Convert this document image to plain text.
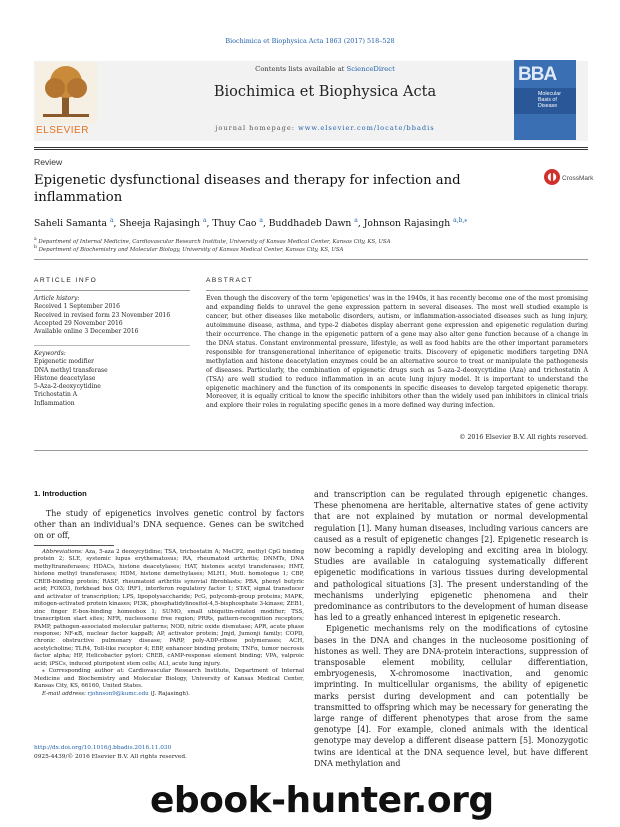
Biochimica et Biophysica Acta 1863 (2017) 518–528
ELSEVIER
Contents lists available at ScienceDirect
Biochimica et Biophysica Acta
journal homepage: www.elsevier.com/locate/bbadis
BBA
Molecular Basis of Disease
Review
Epigenetic dysfunctional diseases and therapy for infection and inflammation
CrossMark
Saheli Samanta $^a$, Sheeja Rajasingh $^a$, Thuy Cao $^a$, Buddhadeb Dawn $^a$, Johnson Rajasingh $^{a,b,⁎}$
$^a$ Department of Internal Medicine, Cardiovascular Research Institute, University of Kansas Medical Center, Kansas City, KS, USA
$^b$ Department of Biochemistry and Molecular Biology, University of Kansas Medical Center, Kansas City, KS, USA
ARTICLE INFO	ABSTRACT
Article history:
Received 1 September 2016
Received in revised form 23 November 2016
Accepted 29 November 2016
Available online 3 December 2016
Keywords:
Epigenetic modifier
DNA methyl transferase
Histone deacetylase
5-Aza-2-deoxycytidine
Trichostatin A
Inflammation
Even though the discovery of the term 'epigenetics' was in the 1940s, it has recently become one of the most promising and expanding fields to unravel the gene expression pattern in several diseases. The most well studied example is cancer, but other diseases like metabolic disorders, autism, or inflammation-associated diseases such as lung injury, autoimmune disease, asthma, and type-2 diabetes display aberrant gene expression and epigenetic regulation during their occurrence. The change in the epigenetic pattern of a gene may also alter gene function because of a change in the DNA status. Constant environmental pressure, lifestyle, as well as food habits are the other important parameters responsible for transgenerational inheritance of epigenetic traits. Discovery of epigenetic modifiers targeting DNA methylation and histone deacetylation enzymes could be an alternative source to treat or manipulate the pathogenesis of diseases. Particularly, the combination of epigenetic drugs such as 5-aza-2-deoxycytidine (Aza) and trichostatin A (TSA) are well studied to reduce inflammation in an acute lung injury model. It is important to understand the epigenetic machinery and the function of its components in specific diseases to develop targeted epigenetic therapy. Moreover, it is equally critical to know the specific inhibitors other than the widely used pan inhibitors in clinical trials and explore their roles in regulating specific genes in a more defined way during infection.
© 2016 Elsevier B.V. All rights reserved.
1. Introduction

The study of epigenetics involves genetic control by factors other than an individual's DNA sequence. Genes can be switched on or off,

Abbreviations: Aza, 5-aza 2 deoxycytidine; TSA, trichostatin A; MeCP2, methyl CpG binding protein 2; SLE, systemic lupus erythematosus; RA, rheumatoid arthritis; DNMTs, DNA methyltransferases; HDACs, histone deacetylases; HAT, histones acetyl transferases; HMT, histone methyl transferases; HDM, histone demethylases; MLH1, Mutl. homologue 1; CBP, CREB-binding protein; RASF, rheumatoid arthritis synovial fibroblasts; PBA, phenyl butyric acid; FOXO3, forkhead box O3; IRF1, interferon regulatory factor 1; STAT, signal transducer and activator of transcription; LPS, lipopolysaccharide; PcG, polycomb-group proteins; MAPK, mitogen-activated protein kinases; PI3K, phosphatidylinositol-4,5-bisphosphate 3-kinase; ZEB1, zinc finger E-box-binding homeobox 1; SUMO, small ubiquitin-related modifier; TSS, transcription start sites; NFR, nucleosome free region; PRRs, pattern-recognition receptors; PAMP, pathogen-associated molecular patterns; NOD, nitric oxide dismutase; APR, acute phase response; NF-κB, nuclear factor kappaB; AP, activator protein; Jmjd, Jumonji family; COPD, chronic obstructive pulmonary disease; PARP, poly-ADP-ribose polymerases; ACH, acetylcholine; TLR4, Toll-like receptor 4; EBP, enhancer binding protein; TNFα, tumor necrosis factor alpha; HP, Helicobacter pylori; CREB, cAMP-response element binding; VPA, valproic acid; iPSCs, induced pluripotent stem cells; ALI, acute lung injury.

⁎ Corresponding author at: Cardiovascular Research Institute, Department of Internal Medicine and Biochemistry and Molecular Biology, University of Kansas Medical Center, Kansas City, KS, 66160, United States.

E-mail address: rjohnson9@kumc.edu (J. Rajasingh).

and transcription can be regulated through epigenetic changes. These phenomena are heritable, alternative states of gene activity that are not explained by mutation or normal developmental regulation [1]. Many human diseases, including various cancers are caused as a result of epigenetic changes [2]. Epigenetic research is now becoming a rapidly developing and exciting area in biology. Studies are available in cataloguing systematically different epigenetic modifications in various tissues during developmental and pathological situations [3]. The present understanding of the mechanisms underlying epigenetic phenomena and their predominance as contributors to the development of human disease has led to a greatly enhanced interest in epigenetic research.

Epigenetic mechanisms rely on the modifications of cytosine bases in the DNA and changes in the nucleosome positioning of histones as well. They are DNA-protein interactions, suppression of transposable element mobility, cellular differentiation, embryogenesis, X-chromosome inactivation, and genomic imprinting. In multicellular organisms, the ability of epigenetic marks persist during development and can potentially be transmitted to offspring which may be necessary for generating the large range of different phenotypes that arose from the same genotype [4]. For example, cloned animals with the identical genotype may develop a different disease pattern [5]. Monozygotic twins are identical at the DNA sequence level, but have different DNA methylation and

http://dx.doi.org/10.1016/j.bbadis.2016.11.030
0925-4439/© 2016 Elsevier B.V. All rights reserved.
ebook-hunter.org
